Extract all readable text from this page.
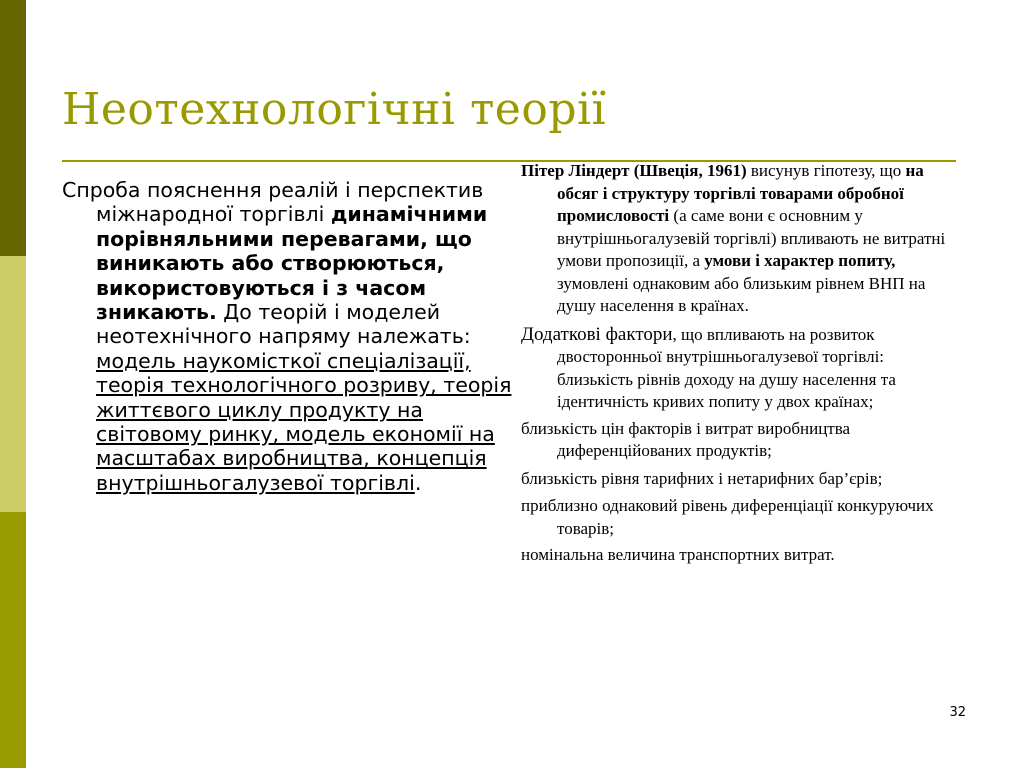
Неотехнологічні теорії
Спроба пояснення реалій і перспектив міжнародної торгівлі динамічними порівняльними перевагами, що виникають або створюються, використовуються і з часом зникають. До теорій і моделей неотехнічного напряму належать: модель наукомісткої спеціалізації, теорія технологічного розриву, теорія життєвого циклу продукту на світовому ринку, модель економії на масштабах виробництва, концепція внутрішньогалузевої торгівлі.

Пітер Ліндерт (Швеція, 1961) висунув гіпотезу, що на обсяг і структуру торгівлі товарами обробної промисловості (а саме вони є основним у внутрішньогалузевій торгівлі) впливають не витратні умови пропозиції, а умови і характер попиту, зумовлені однаковим або близьким рівнем ВНП на душу населення в країнах.

Додаткові фактори, що впливають на розвиток двосторонньої внутрішньогалузевої торгівлі: близькість рівнів доходу на душу населення та ідентичність кривих попиту у двох країнах;

близькість цін факторів і витрат виробництва диференційованих продуктів;

близькість рівня тарифних і нетарифних бар’єрів;

приблизно однаковий рівень диференціації конкуруючих товарів;

номінальна величина транспортних витрат.

32
